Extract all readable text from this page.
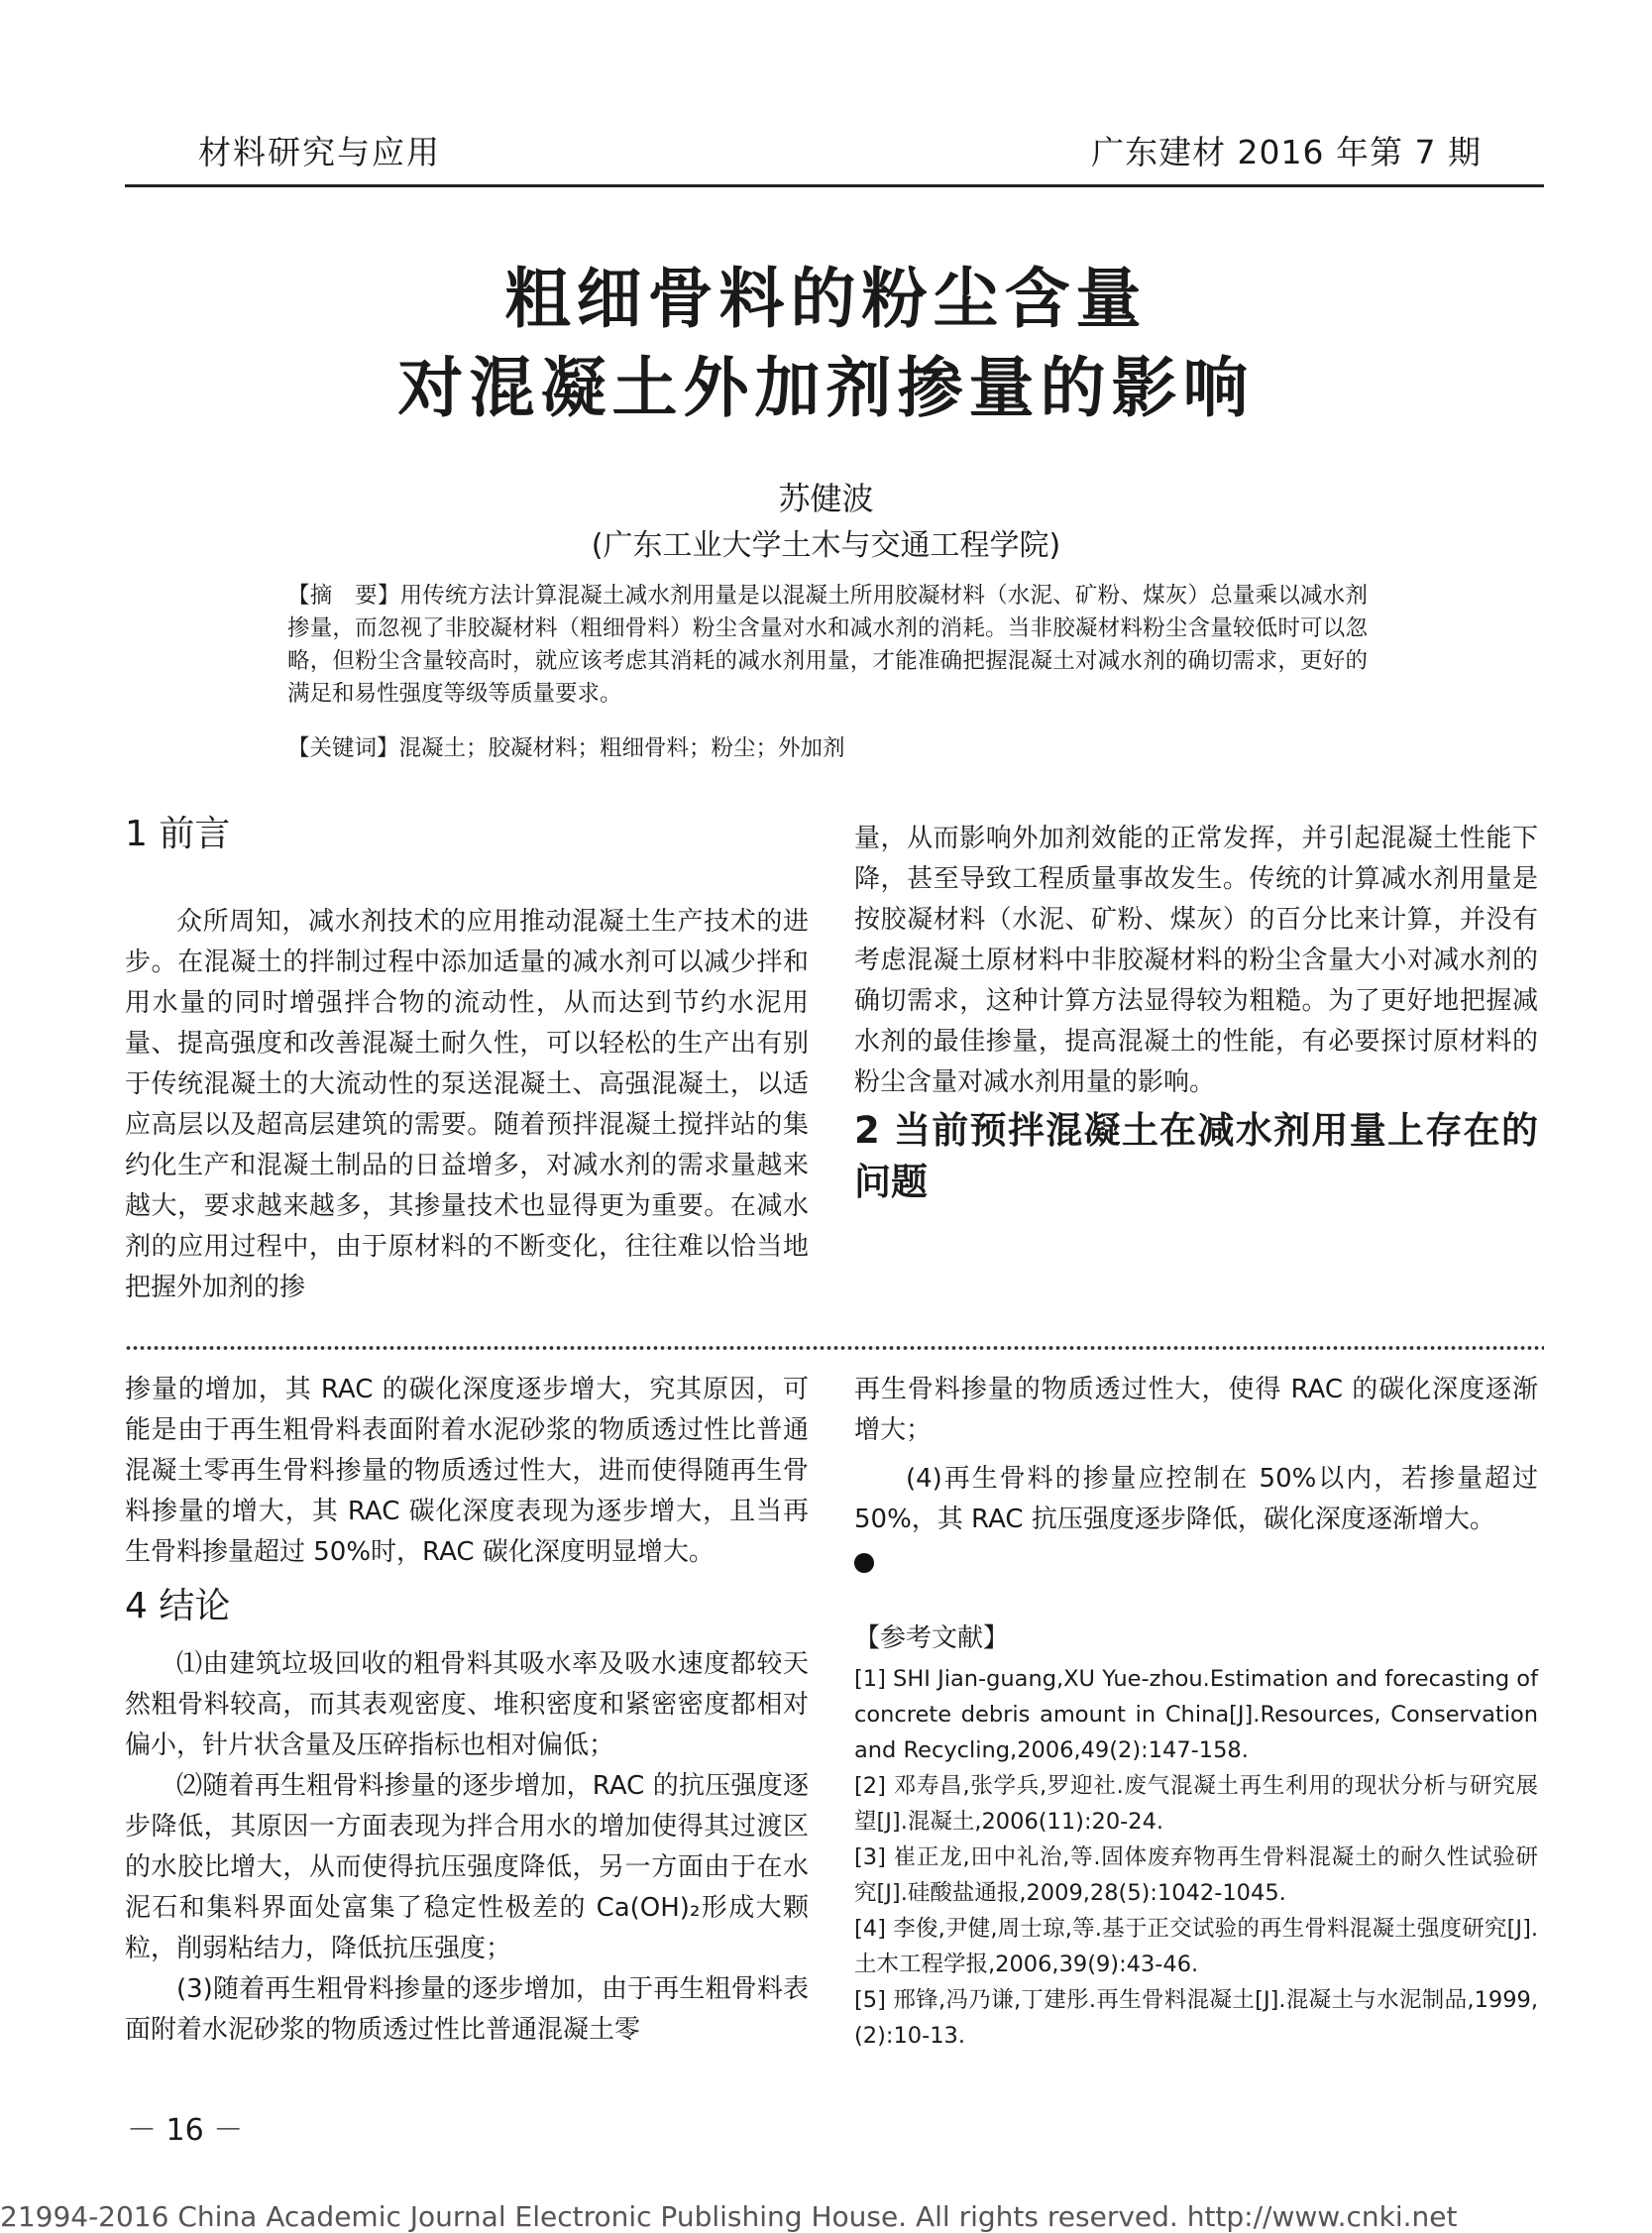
材料研究与应用	广东建材 2016 年第 7 期
粗细骨料的粉尘含量
对混凝土外加剂掺量的影响
苏健波
(广东工业大学土木与交通工程学院)
【摘　要】用传统方法计算混凝土减水剂用量是以混凝土所用胶凝材料（水泥、矿粉、煤灰）总量乘以减水剂掺量，而忽视了非胶凝材料（粗细骨料）粉尘含量对水和减水剂的消耗。当非胶凝材料粉尘含量较低时可以忽略，但粉尘含量较高时，就应该考虑其消耗的减水剂用量，才能准确把握混凝土对减水剂的确切需求，更好的满足和易性强度等级等质量要求。
【关键词】混凝土；胶凝材料；粗细骨料；粉尘；外加剂

1 前言

众所周知，减水剂技术的应用推动混凝土生产技术的进步。在混凝土的拌制过程中添加适量的减水剂可以减少拌和用水量的同时增强拌合物的流动性，从而达到节约水泥用量、提高强度和改善混凝土耐久性，可以轻松的生产出有别于传统混凝土的大流动性的泵送混凝土、高强混凝土，以适应高层以及超高层建筑的需要。随着预拌混凝土搅拌站的集约化生产和混凝土制品的日益增多，对减水剂的需求量越来越大，要求越来越多，其掺量技术也显得更为重要。在减水剂的应用过程中，由于原材料的不断变化，往往难以恰当地把握外加剂的掺

量，从而影响外加剂效能的正常发挥，并引起混凝土性能下降，甚至导致工程质量事故发生。传统的计算减水剂用量是按胶凝材料（水泥、矿粉、煤灰）的百分比来计算，并没有考虑混凝土原材料中非胶凝材料的粉尘含量大小对减水剂的确切需求，这种计算方法显得较为粗糙。为了更好地把握减水剂的最佳掺量，提高混凝土的性能，有必要探讨原材料的粉尘含量对减水剂用量的影响。

2 当前预拌混凝土在减水剂用量上存在的问题

掺量的增加，其 RAC 的碳化深度逐步增大，究其原因，可能是由于再生粗骨料表面附着水泥砂浆的物质透过性比普通混凝土零再生骨料掺量的物质透过性大，进而使得随再生骨料掺量的增大，其 RAC 碳化深度表现为逐步增大，且当再生骨料掺量超过 50%时，RAC 碳化深度明显增大。

4 结论

⑴由建筑垃圾回收的粗骨料其吸水率及吸水速度都较天然粗骨料较高，而其表观密度、堆积密度和紧密密度都相对偏小，针片状含量及压碎指标也相对偏低；

⑵随着再生粗骨料掺量的逐步增加，RAC 的抗压强度逐步降低，其原因一方面表现为拌合用水的增加使得其过渡区的水胶比增大，从而使得抗压强度降低，另一方面由于在水泥石和集料界面处富集了稳定性极差的 Ca(OH)₂形成大颗粒，削弱粘结力，降低抗压强度；

(3)随着再生粗骨料掺量的逐步增加，由于再生粗骨料表面附着水泥砂浆的物质透过性比普通混凝土零

再生骨料掺量的物质透过性大，使得 RAC 的碳化深度逐渐增大；

(4)再生骨料的掺量应控制在 50%以内，若掺量超过 50%，其 RAC 抗压强度逐步降低，碳化深度逐渐增大。

【参考文献】

[1] SHI Jian-guang,XU Yue-zhou.Estimation and forecasting of concrete debris amount in China[J].Resources, Conservation and Recycling,2006,49(2):147-158.

[2] 邓寿昌,张学兵,罗迎社.废气混凝土再生利用的现状分析与研究展望[J].混凝土,2006(11):20-24.

[3] 崔正龙,田中礼治,等.固体废弃物再生骨料混凝土的耐久性试验研究[J].硅酸盐通报,2009,28(5):1042-1045.

[4] 李俊,尹健,周士琼,等.基于正交试验的再生骨料混凝土强度研究[J].土木工程学报,2006,39(9):43-46.

[5] 邢锋,冯乃谦,丁建彤.再生骨料混凝土[J].混凝土与水泥制品,1999,(2):10-13.

－ 16 －
21994-2016 China Academic Journal Electronic Publishing House. All rights reserved. http://www.cnki.net
